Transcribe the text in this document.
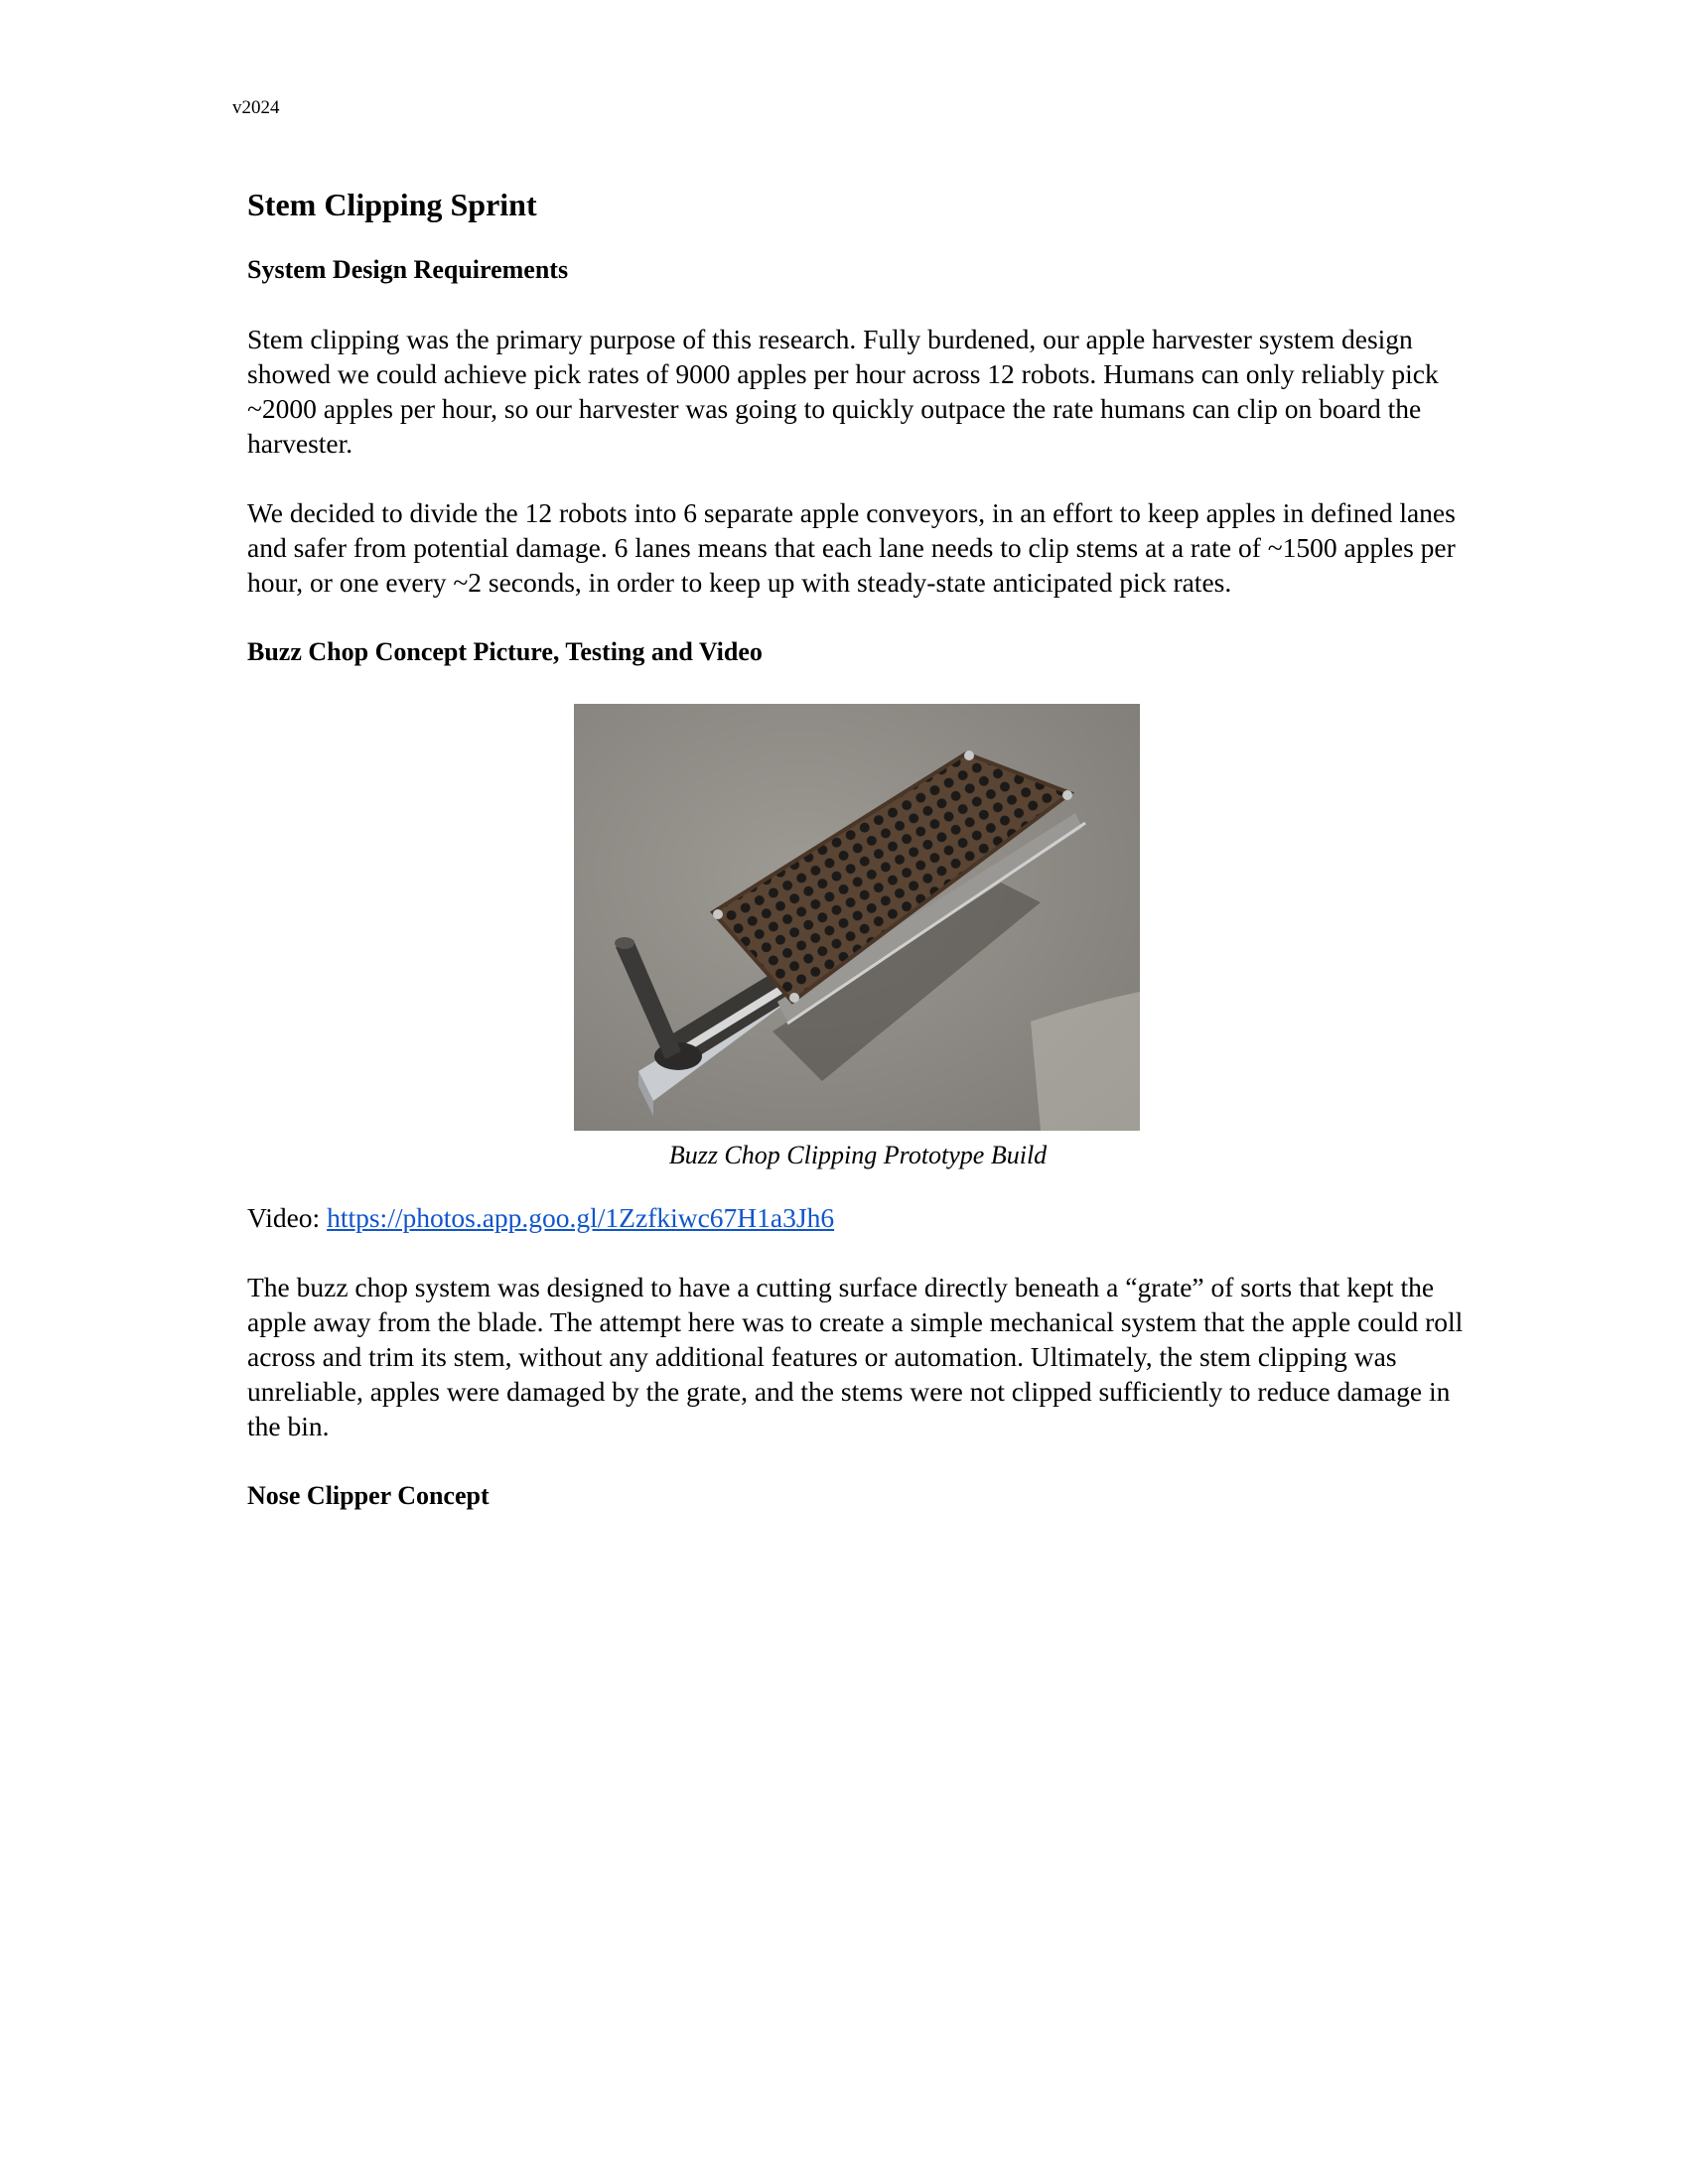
v2024
Stem Clipping Sprint
System Design Requirements

Stem clipping was the primary purpose of this research. Fully burdened, our apple harvester system design showed we could achieve pick rates of 9000 apples per hour across 12 robots. Humans can only reliably pick ~2000 apples per hour, so our harvester was going to quickly outpace the rate humans can clip on board the harvester.

We decided to divide the 12 robots into 6 separate apple conveyors, in an effort to keep apples in defined lanes and safer from potential damage. 6 lanes means that each lane needs to clip stems at a rate of ~1500 apples per hour, or one every ~2 seconds, in order to keep up with steady-state anticipated pick rates.

Buzz Chop Concept Picture, Testing and Video
Buzz Chop Clipping Prototype Build

Video: https://photos.app.goo.gl/1Zzfkiwc67H1a3Jh6

The buzz chop system was designed to have a cutting surface directly beneath a “grate” of sorts that kept the apple away from the blade. The attempt here was to create a simple mechanical system that the apple could roll across and trim its stem, without any additional features or automation. Ultimately, the stem clipping was unreliable, apples were damaged by the grate, and the stems were not clipped sufficiently to reduce damage in the bin.

Nose Clipper Concept
